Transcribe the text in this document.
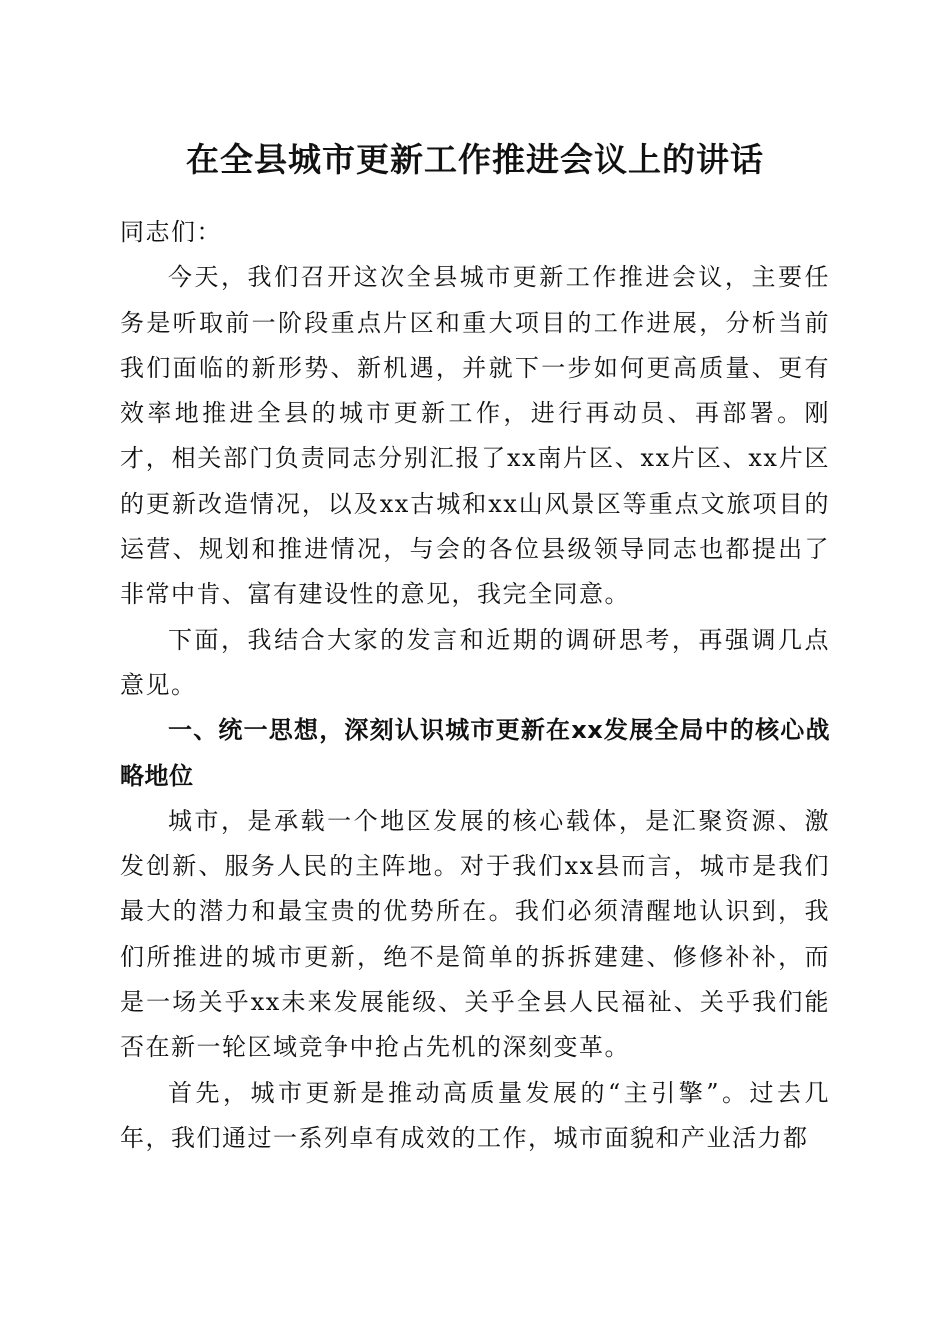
在全县城市更新工作推进会议上的讲话

同志们：

今天，我们召开这次全县城市更新工作推进会议，主要任务是听取前一阶段重点片区和重大项目的工作进展，分析当前我们面临的新形势、新机遇，并就下一步如何更高质量、更有效率地推进全县的城市更新工作，进行再动员、再部署。刚才，相关部门负责同志分别汇报了xx南片区、xx片区、xx片区的更新改造情况，以及xx古城和xx山风景区等重点文旅项目的运营、规划和推进情况，与会的各位县级领导同志也都提出了非常中肯、富有建设性的意见，我完全同意。

下面，我结合大家的发言和近期的调研思考，再强调几点意见。

一、统一思想，深刻认识城市更新在xx发展全局中的核心战略地位

城市，是承载一个地区发展的核心载体，是汇聚资源、激发创新、服务人民的主阵地。对于我们xx县而言，城市是我们最大的潜力和最宝贵的优势所在。我们必须清醒地认识到，我们所推进的城市更新，绝不是简单的拆拆建建、修修补补，而是一场关乎xx未来发展能级、关乎全县人民福祉、关乎我们能否在新一轮区域竞争中抢占先机的深刻变革。

首先，城市更新是推动高质量发展的“主引擎”。过去几年，我们通过一系列卓有成效的工作，城市面貌和产业活力都
